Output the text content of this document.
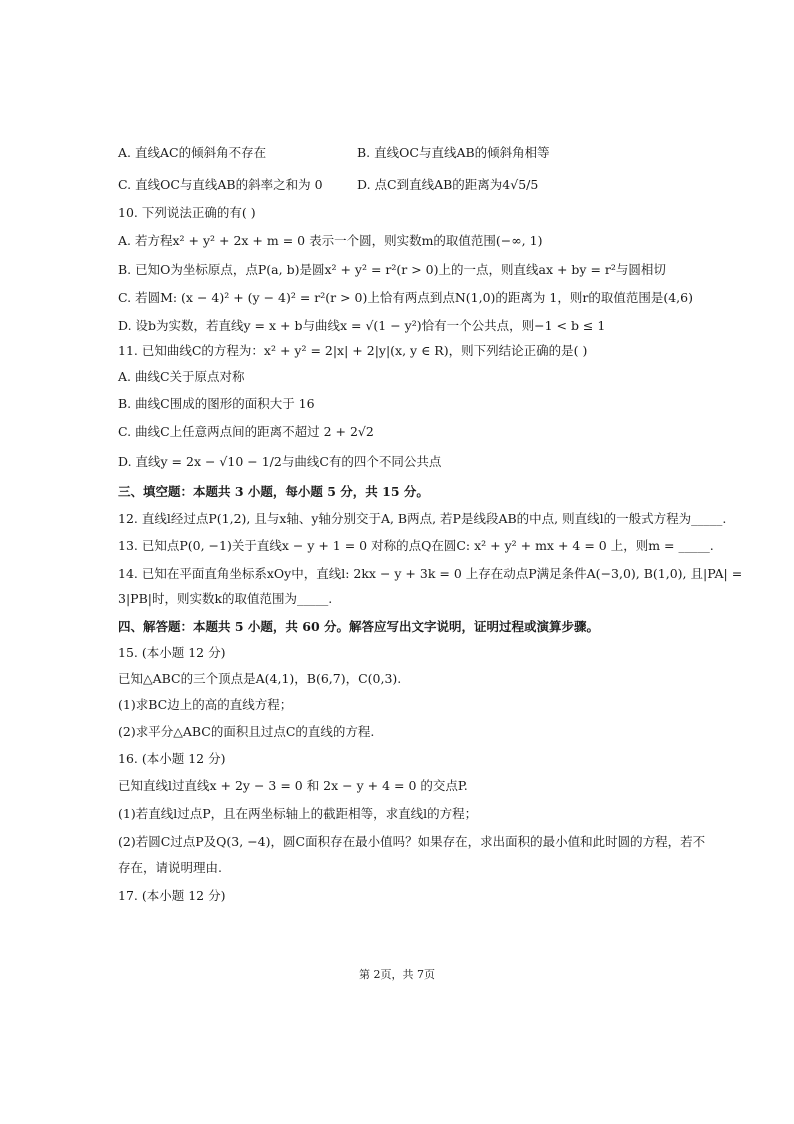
A. 直线AC的倾斜角不存在	B. 直线OC与直线AB的倾斜角相等
C. 直线OC与直线AB的斜率之和为 0	D. 点C到直线AB的距离为4√5/5
10. 下列说法正确的有( )
A. 若方程x² + y² + 2x + m = 0 表示一个圆，则实数m的取值范围(−∞, 1)
B. 已知O为坐标原点，点P(a, b)是圆x² + y² = r²(r > 0)上的一点，则直线ax + by = r²与圆相切
C. 若圆M: (x − 4)² + (y − 4)² = r²(r > 0)上恰有两点到点N(1,0)的距离为 1，则r的取值范围是(4,6)
D. 设b为实数，若直线y = x + b与曲线x = √(1 − y²)恰有一个公共点，则−1 < b ≤ 1
11. 已知曲线C的方程为：x² + y² = 2|x| + 2|y|(x, y ∈ R)，则下列结论正确的是( )
A. 曲线C关于原点对称
B. 曲线C围成的图形的面积大于 16
C. 曲线C上任意两点间的距离不超过 2 + 2√2
D. 直线y = 2x − √10 − 1/2与曲线C有的四个不同公共点
三、填空题：本题共 3 小题，每小题 5 分，共 15 分。
12. 直线l经过点P(1,2), 且与x轴、y轴分别交于A, B两点, 若P是线段AB的中点, 则直线l的一般式方程为_____.
13. 已知点P(0, −1)关于直线x − y + 1 = 0 对称的点Q在圆C: x² + y² + mx + 4 = 0 上，则m = _____.
14. 已知在平面直角坐标系xOy中，直线l: 2kx − y + 3k = 0 上存在动点P满足条件A(−3,0), B(1,0), 且|PA| =
3|PB|时，则实数k的取值范围为_____.
四、解答题：本题共 5 小题，共 60 分。解答应写出文字说明，证明过程或演算步骤。
15. (本小题 12 分)
已知△ABC的三个顶点是A(4,1)，B(6,7)，C(0,3).
(1)求BC边上的高的直线方程；
(2)求平分△ABC的面积且过点C的直线的方程.
16. (本小题 12 分)
已知直线l过直线x + 2y − 3 = 0 和 2x − y + 4 = 0 的交点P.
(1)若直线l过点P，且在两坐标轴上的截距相等，求直线l的方程；
(2)若圆C过点P及Q(3, −4)，圆C面积存在最小值吗？如果存在，求出面积的最小值和此时圆的方程，若不
存在，请说明理由.
17. (本小题 12 分)
第 2页，共 7页
